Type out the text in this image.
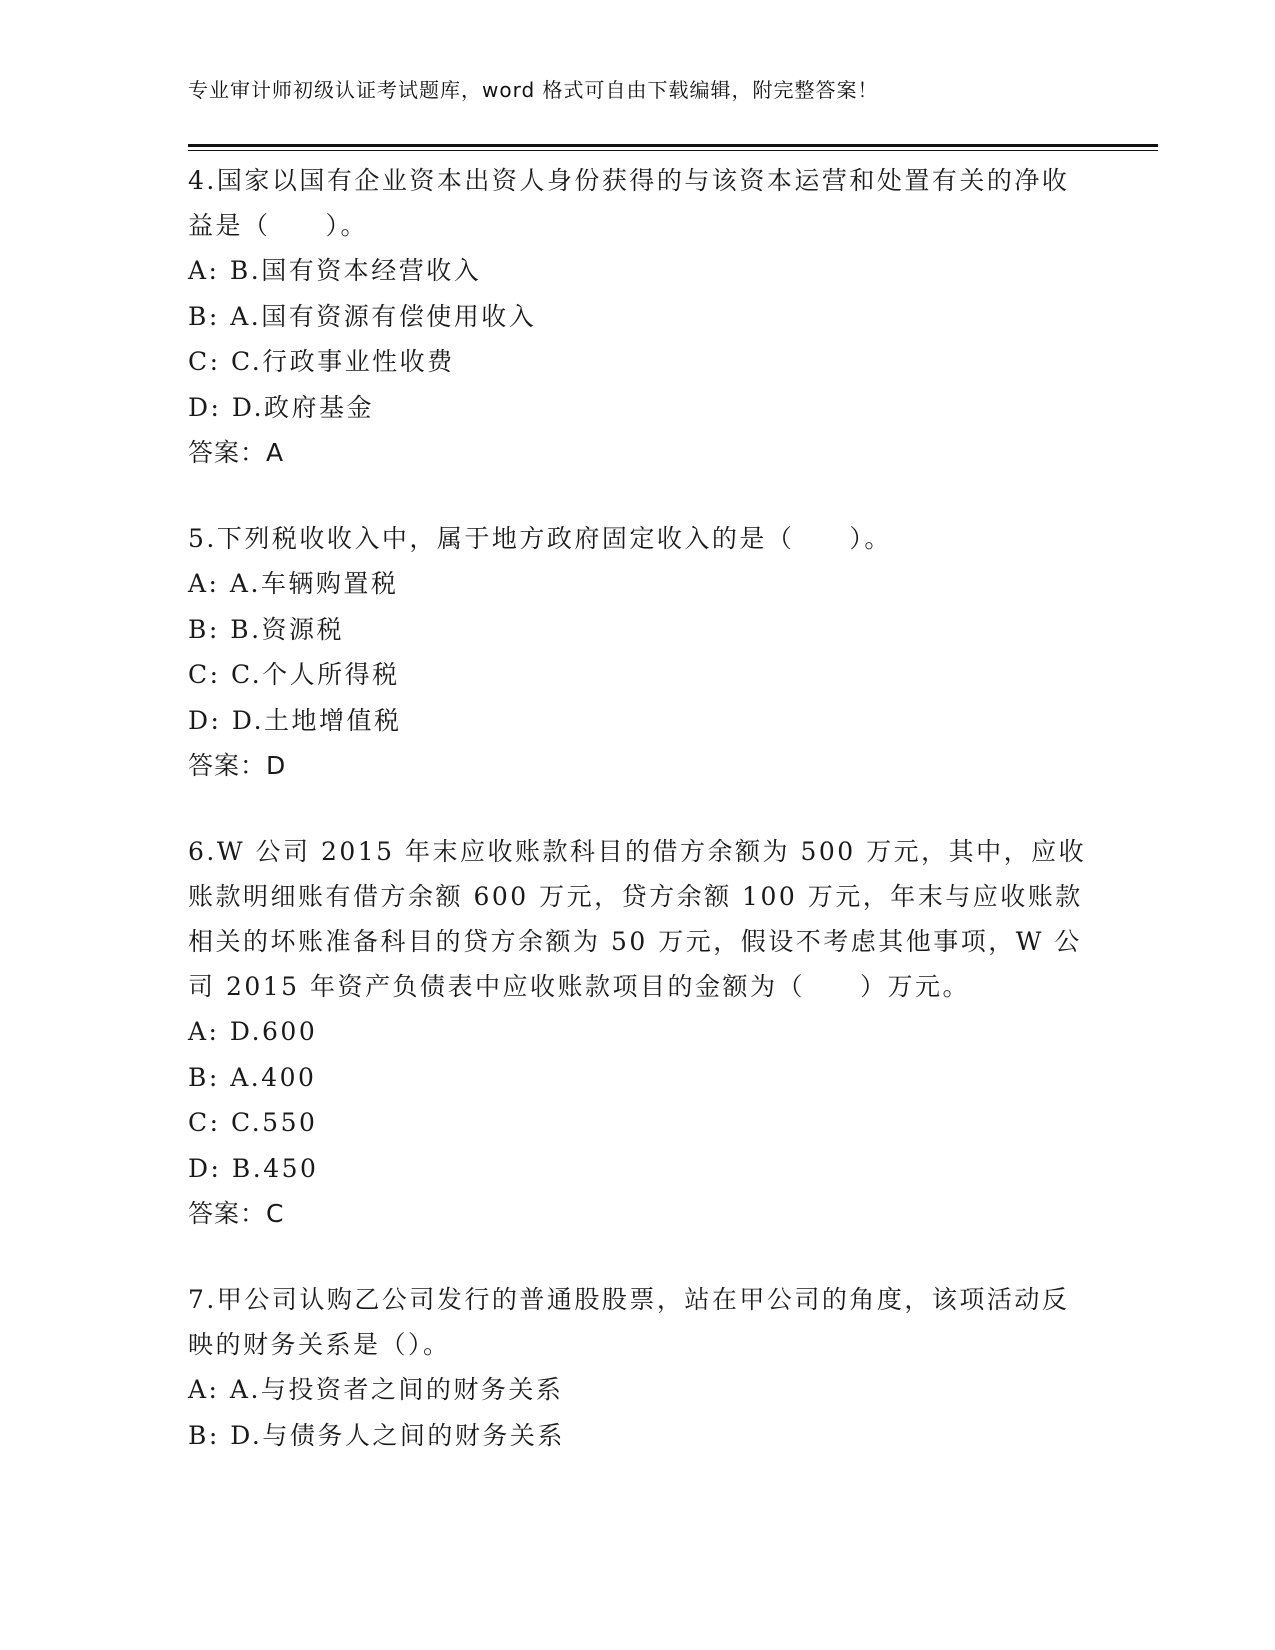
专业审计师初级认证考试题库，word 格式可自由下载编辑，附完整答案！

4.国家以国有企业资本出资人身份获得的与该资本运营和处置有关的净收益是（　　）。

A: B.国有资本经营收入

B: A.国有资源有偿使用收入

C: C.行政事业性收费

D: D.政府基金

答案：A

5.下列税收收入中，属于地方政府固定收入的是（　　）。

A: A.车辆购置税

B: B.资源税

C: C.个人所得税

D: D.土地增值税

答案：D

6.W 公司 2015 年末应收账款科目的借方余额为 500 万元，其中，应收账款明细账有借方余额 600 万元，贷方余额 100 万元，年末与应收账款相关的坏账准备科目的贷方余额为 50 万元，假设不考虑其他事项，W 公司 2015 年资产负债表中应收账款项目的金额为（　　）万元。

A: D.600

B: A.400

C: C.550

D: B.450

答案：C

7.甲公司认购乙公司发行的普通股股票，站在甲公司的角度，该项活动反映的财务关系是（）。

A: A.与投资者之间的财务关系

B: D.与债务人之间的财务关系
